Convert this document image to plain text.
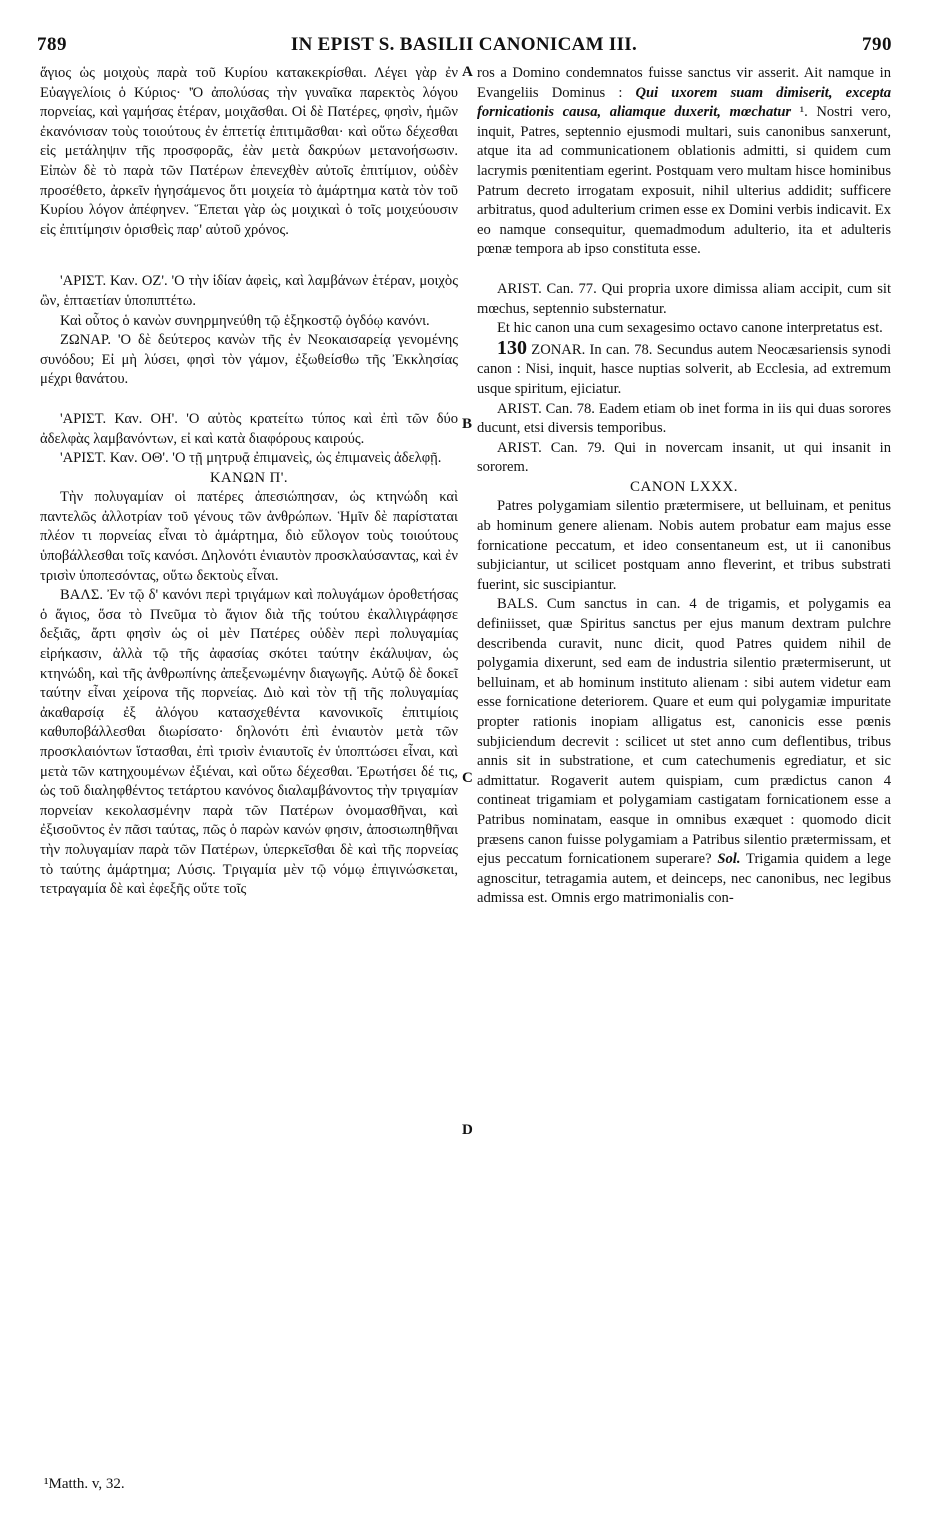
789	IN EPIST S. BASILII CANONICAM III.	790
A
B
C
D

ἅγιος ὡς μοιχοὺς παρὰ τοῦ Κυρίου κατακεκρίσθαι. Λέγει γὰρ ἐν Εὐαγγελίοις ὁ Κύριος· 'Ὁ ἀπολύσας τὴν γυναῖκα παρεκτὸς λόγου πορνείας, καὶ γαμήσας ἑτέραν, μοιχᾶσθαι. Οἱ δὲ Πατέρες, φησὶν, ἡμῶν ἐκανόνισαν τοὺς τοιούτους ἐν ἑπτετίᾳ ἐπιτιμᾶσθαι· καὶ οὕτω δέχεσθαι εἰς μετάληψιν τῆς προσφορᾶς, ἐὰν μετὰ δακρύων μετανοήσωσιν. Εἰπὼν δὲ τὸ παρὰ τῶν Πατέρων ἐπενεχθὲν αὐτοῖς ἐπιτίμιον, οὐδὲν προσέθετο, ἀρκεῖν ἡγησάμενος ὅτι μοιχεία τὸ ἁμάρτημα κατὰ τὸν τοῦ Κυρίου λόγον ἀπέφηνεν. Ἕπεται γὰρ ὡς μοιχικαὶ ὁ τοῖς μοιχεύουσιν εἰς ἐπιτίμησιν ὁρισθεὶς παρ' αὐτοῦ χρόνος.

'ΑΡΙΣΤ. Καν. ΟΖ'. 'Ο τὴν ἰδίαν ἀφεὶς, καὶ λαμβάνων ἑτέραν, μοιχὸς ὢν, ἑπταετίαν ὑποπιπτέτω.

Καὶ οὗτος ὁ κανὼν συνηρμηνεύθη τῷ ἑξηκοστῷ ὀγδόῳ κανόνι.

ΖΩΝΑΡ. 'Ο δὲ δεύτερος κανὼν τῆς ἐν Νεοκαισαρείᾳ γενομένης συνόδου; Εἰ μὴ λύσει, φησὶ τὸν γάμον, ἐξωθείσθω τῆς Ἐκκλησίας μέχρι θανάτου.

'ΑΡΙΣΤ. Καν. ΟΗ'. 'Ο αὐτὸς κρατείτω τύπος καὶ ἐπὶ τῶν δύο ἀδελφὰς λαμβανόντων, εἰ καὶ κατὰ διαφόρους καιρούς.

'ΑΡΙΣΤ. Καν. ΟΘ'. 'Ο τῇ μητρυᾷ ἐπιμανεὶς, ὡς ἐπιμανεὶς ἀδελφῇ.

ΚΑΝΩΝ Π'.

Τὴν πολυγαμίαν οἱ πατέρες ἀπεσιώπησαν, ὡς κτηνώδη καὶ παντελῶς ἀλλοτρίαν τοῦ γένους τῶν ἀνθρώπων. Ἡμῖν δὲ παρίσταται πλέον τι πορνείας εἶναι τὸ ἁμάρτημα, διὸ εὔλογον τοὺς τοιούτους ὑποβάλλεσθαι τοῖς κανόσι. Δηλονότι ἐνιαυτὸν προσκλαύσαντας, καὶ ἐν τρισὶν ὑποπεσόντας, οὕτω δεκτοὺς εἶναι.

ΒΑΛΣ. Ἐν τῷ δ' κανόνι περὶ τριγάμων καὶ πολυγάμων ὁροθετήσας ὁ ἅγιος, ὅσα τὸ Πνεῦμα τὸ ἅγιον διὰ τῆς τούτου ἐκαλλιγράφησε δεξιᾶς, ἄρτι φησὶν ὡς οἱ μὲν Πατέρες οὐδὲν περὶ πολυγαμίας εἰρήκασιν, ἀλλὰ τῷ τῆς ἀφασίας σκότει ταύτην ἐκάλυψαν, ὡς κτηνώδη, καὶ τῆς ἀνθρωπίνης ἀπεξενωμένην διαγωγῆς. Αὐτῷ δὲ δοκεῖ ταύτην εἶναι χείρονα τῆς πορνείας. Διὸ καὶ τὸν τῇ τῆς πολυγαμίας ἀκαθαρσίᾳ ἐξ ἀλόγου κατασχεθέντα κανονικοῖς ἐπιτιμίοις καθυποβάλλεσθαι διωρίσατο· δηλονότι ἐπὶ ἐνιαυτὸν μετὰ τῶν προσκλαιόντων ἵστασθαι, ἐπὶ τρισὶν ἐνιαυτοῖς ἐν ὑποπτώσει εἶναι, καὶ μετὰ τῶν κατηχουμένων ἐξιέναι, καὶ οὕτω δέχεσθαι. Ἐρωτήσει δέ τις, ὡς τοῦ διαληφθέντος τετάρτου κανόνος διαλαμβάνοντος τὴν τριγαμίαν πορνείαν κεκολασμένην παρὰ τῶν Πατέρων ὀνομασθῆναι, καὶ ἐξισοῦντος ἐν πᾶσι ταύτας, πῶς ὁ παρὼν κανών φησιν, ἀποσιωπηθῆναι τὴν πολυγαμίαν παρὰ τῶν Πατέρων, ὑπερκεῖσθαι δὲ καὶ τῆς πορνείας τὸ ταύτης ἁμάρτημα; Λύσις. Τριγαμία μὲν τῷ νόμῳ ἐπιγινώσκεται, τετραγαμία δὲ καὶ ἐφεξῆς οὔτε τοῖς

ros a Domino condemnatos fuisse sanctus vir asserit. Ait namque in Evangeliis Dominus : Qui uxorem suam dimiserit, excepta fornicationis causa, aliamque duxerit, mœchatur ¹. Nostri vero, inquit, Patres, septennio ejusmodi multari, suis canonibus sanxerunt, atque ita ad communicationem oblationis admitti, si quidem cum lacrymis pœnitentiam egerint. Postquam vero multam hisce hominibus Patrum decreto irrogatam exposuit, nihil ulterius addidit; sufficere arbitratus, quod adulterium crimen esse ex Domini verbis indicavit. Ex eo namque consequitur, quemadmodum adulterio, ita et adulteris pœnæ tempora ab ipso constituta esse.

ARIST. Can. 77. Qui propria uxore dimissa aliam accipit, cum sit mœchus, septennio substernatur.

Et hic canon una cum sexagesimo octavo canone interpretatus est.

130 ZONAR. In can. 78. Secundus autem Neocæsariensis synodi canon : Nisi, inquit, hasce nuptias solverit, ab Ecclesia, ad extremum usque spiritum, ejiciatur.

ARIST. Can. 78. Eadem etiam ob inet forma in iis qui duas sorores ducunt, etsi diversis temporibus.

ARIST. Can. 79. Qui in novercam insanit, ut qui insanit in sororem.

CANON LXXX.

Patres polygamiam silentio prætermisere, ut belluinam, et penitus ab hominum genere alienam. Nobis autem probatur eam majus esse fornicatione peccatum, et ideo consentaneum est, ut ii canonibus subjiciantur, ut scilicet postquam anno fleverint, et tribus substrati fuerint, sic suscipiantur.

BALS. Cum sanctus in can. 4 de trigamis, et polygamis ea definiisset, quæ Spiritus sanctus per ejus manum dextram pulchre describenda curavit, nunc dicit, quod Patres quidem nihil de polygamia dixerunt, sed eam de industria silentio prætermiserunt, ut belluinam, et ab hominum instituto alienam : sibi autem videtur eam esse fornicatione deteriorem. Quare et eum qui polygamiæ impuritate propter rationis inopiam alligatus est, canonicis esse pœnis subjiciendum decrevit : scilicet ut stet anno cum deflentibus, tribus annis sit in substratione, et cum catechumenis egrediatur, et sic admittatur. Rogaverit autem quispiam, cum prædictus canon 4 contineat trigamiam et polygamiam castigatam fornicationem esse a Patribus nominatam, easque in omnibus exæquet : quomodo dicit præsens canon fuisse polygamiam a Patribus silentio prætermissam, et ejus peccatum fornicationem superare? Sol. Trigamia quidem a lege agnoscitur, tetragamia autem, et deinceps, nec canonibus, nec legibus admissa est. Omnis ergo matrimonialis con-

¹Matth. v, 32.
